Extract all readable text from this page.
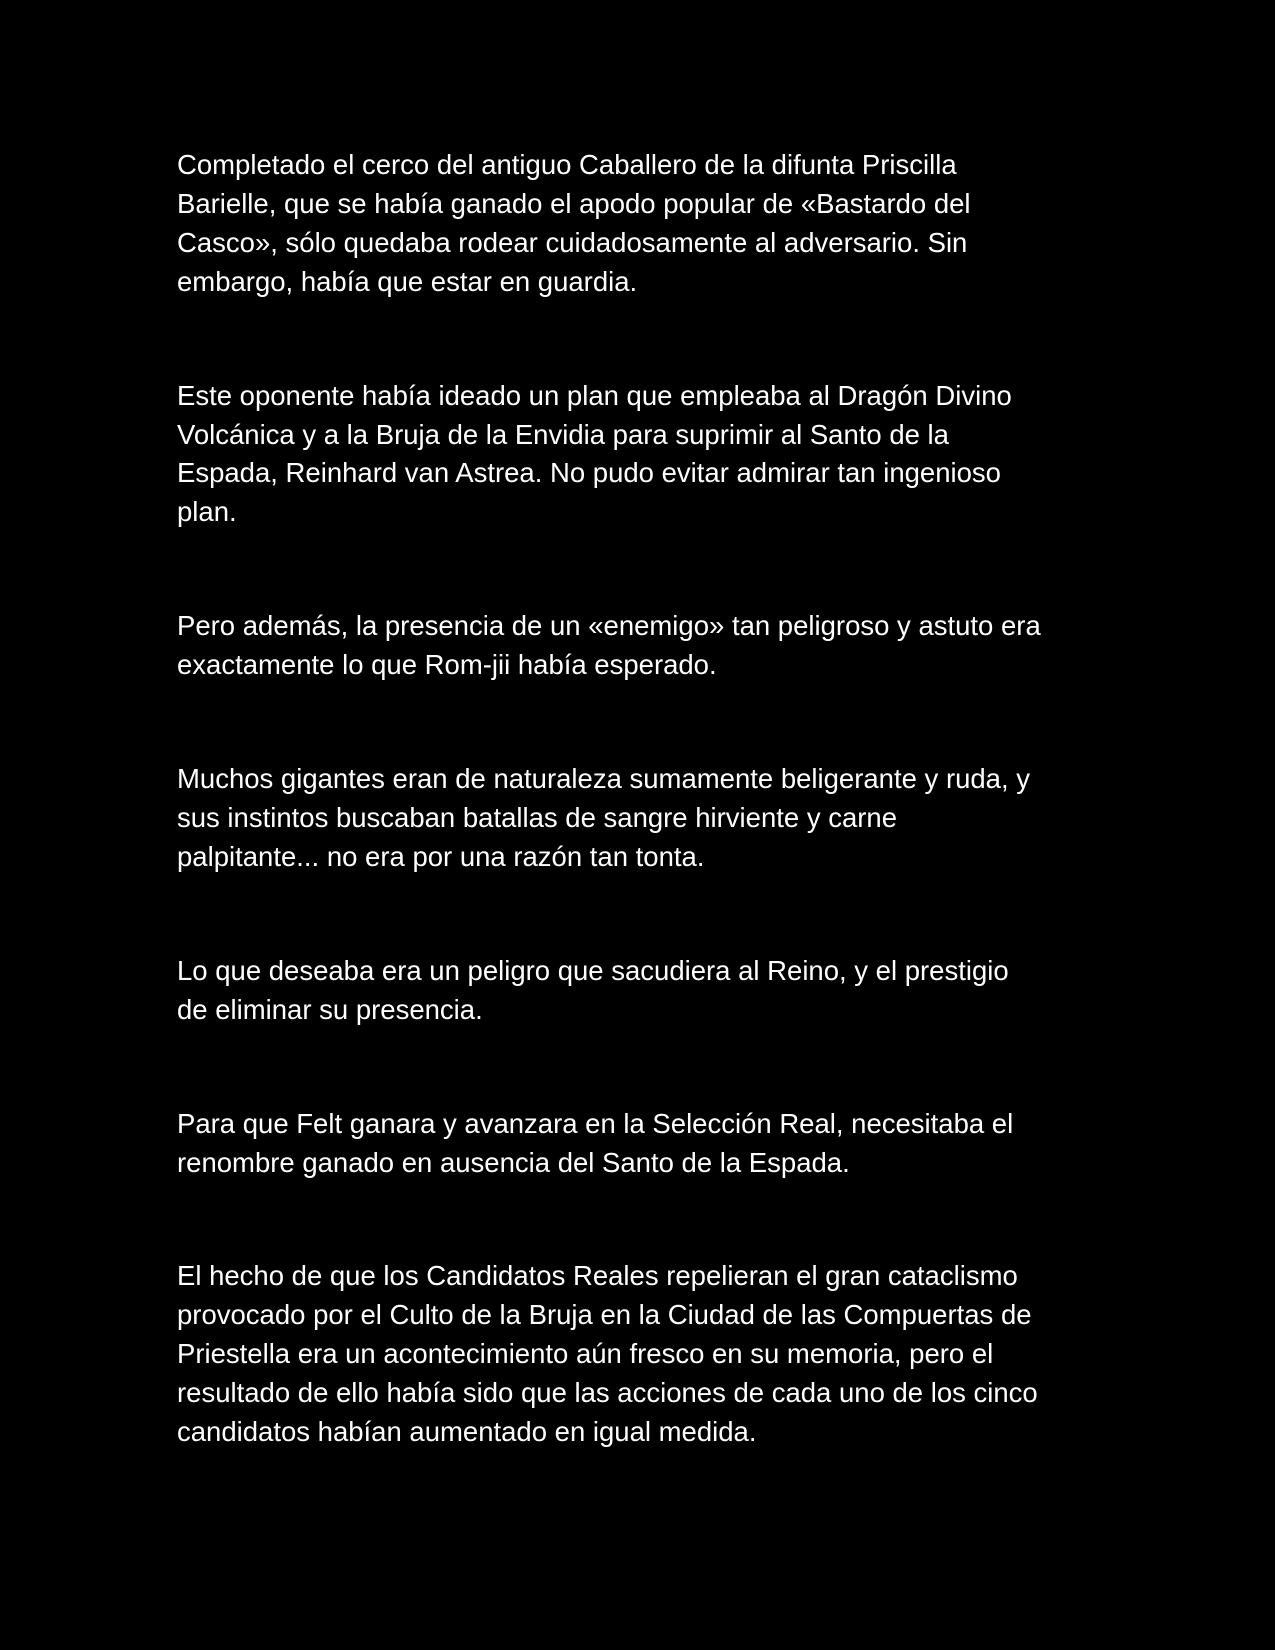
Completado el cerco del antiguo Caballero de la difunta Priscilla
Barielle, que se había ganado el apodo popular de «Bastardo del
Casco», sólo quedaba rodear cuidadosamente al adversario. Sin
embargo, había que estar en guardia.

Este oponente había ideado un plan que empleaba al Dragón Divino
Volcánica y a la Bruja de la Envidia para suprimir al Santo de la
Espada, Reinhard van Astrea. No pudo evitar admirar tan ingenioso
plan.

Pero además, la presencia de un «enemigo» tan peligroso y astuto era
exactamente lo que Rom-jii había esperado.

Muchos gigantes eran de naturaleza sumamente beligerante y ruda, y
sus instintos buscaban batallas de sangre hirviente y carne
palpitante... no era por una razón tan tonta.

Lo que deseaba era un peligro que sacudiera al Reino, y el prestigio
de eliminar su presencia.

Para que Felt ganara y avanzara en la Selección Real, necesitaba el
renombre ganado en ausencia del Santo de la Espada.

El hecho de que los Candidatos Reales repelieran el gran cataclismo
provocado por el Culto de la Bruja en la Ciudad de las Compuertas de
Priestella era un acontecimiento aún fresco en su memoria, pero el
resultado de ello había sido que las acciones de cada uno de los cinco
candidatos habían aumentado en igual medida.
